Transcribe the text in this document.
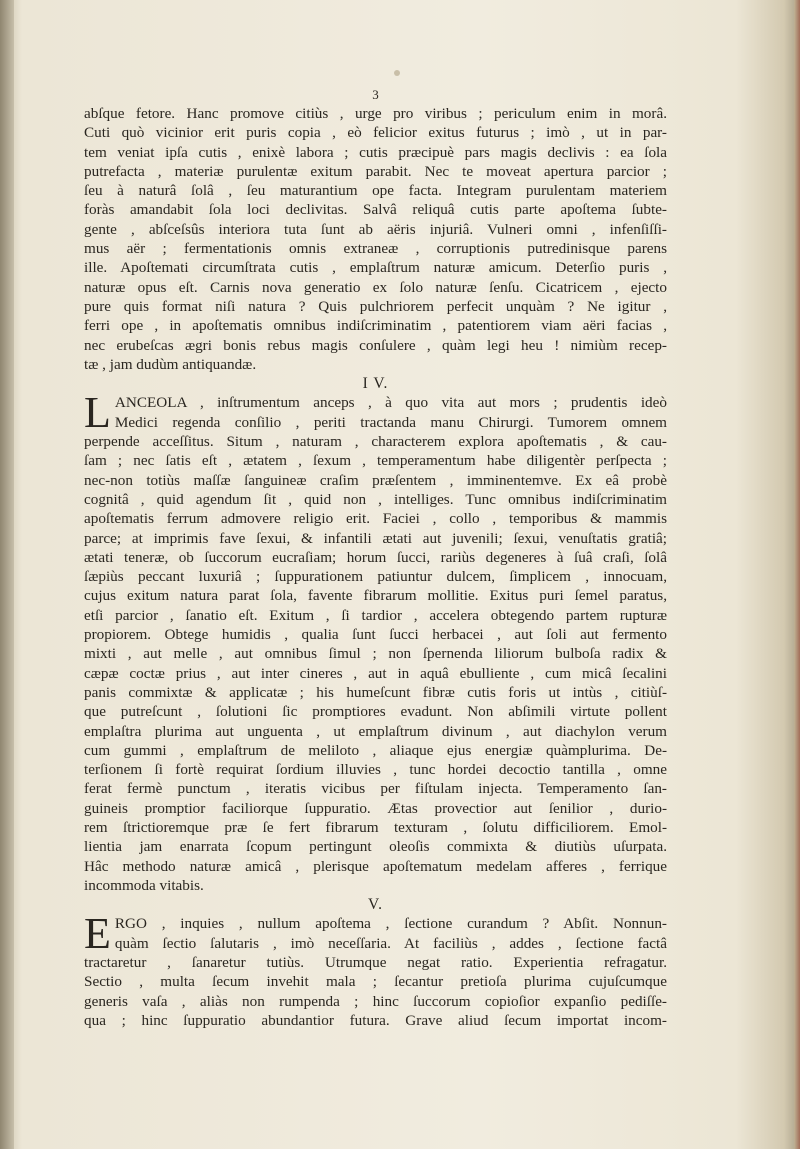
3
abſque fetore. Hanc promove citiùs , urge pro viribus ; periculum enim in morâ.
Cuti quò vicinior erit puris copia , eò felicior exitus futurus ; imò , ut in par-
tem veniat ipſa cutis , enixè labora ; cutis præcipuè pars magis declivis : ea ſola
putrefacta , materiæ purulentæ exitum parabit. Nec te moveat apertura parcior ;
ſeu à naturâ ſolâ , ſeu maturantium ope facta. Integram purulentam materiem
foràs amandabit ſola loci declivitas. Salvâ reliquâ cutis parte apoſtema ſubte-
gente , abſceſsûs interiora tuta ſunt ab aëris injuriâ. Vulneri omni , infenſiſſi-
mus aër ; fermentationis omnis extraneæ , corruptionis putredinisque parens
ille. Apoſtemati circumſtrata cutis , emplaſtrum naturæ amicum. Deterſio puris ,
naturæ opus eſt. Carnis nova generatio ex ſolo naturæ ſenſu. Cicatricem , ejecto
pure quis format niſi natura ? Quis pulchriorem perfecit unquàm ? Ne igitur ,
ferri ope , in apoſtematis omnibus indiſcriminatim , patentiorem viam aëri facias ,
nec erubeſcas ægri bonis rebus magis conſulere , quàm legi heu ! nimiùm recep-
tæ , jam dudùm antiquandæ.
I V.
L ANCEOLA , inſtrumentum anceps , à quo vita aut mors ; prudentis ideò
Medici regenda conſilio , periti tractanda manu Chirurgi. Tumorem omnem
perpende acceſſitus. Situm , naturam , characterem explora apoſtematis , & cau-
ſam ; nec ſatis eſt , ætatem , ſexum , temperamentum habe diligentèr perſpecta ;
nec-non totiùs maſſæ ſanguineæ craſim præſentem , imminentemve. Ex eâ probè
cognitâ , quid agendum ſit , quid non , intelliges. Tunc omnibus indiſcriminatim
apoſtematis ferrum admovere religio erit. Faciei , collo , temporibus & mammis
parce; at imprimis fave ſexui, & infantili ætati aut juvenili; ſexui, venuſtatis gratiâ;
ætati teneræ, ob ſuccorum eucraſiam; horum ſucci, rariùs degeneres à ſuâ craſi, ſolâ
ſæpiùs peccant luxuriâ ; ſuppurationem patiuntur dulcem, ſimplicem , innocuam,
cujus exitum natura parat ſola, favente fibrarum mollitie. Exitus puri ſemel paratus,
etſi parcior , ſanatio eſt. Exitum , ſi tardior , accelera obtegendo partem rupturæ
propiorem. Obtege humidis , qualia ſunt ſucci herbacei , aut ſoli aut fermento
mixti , aut melle , aut omnibus ſimul ; non ſpernenda liliorum bulboſa radix &
cæpæ coctæ prius , aut inter cineres , aut in aquâ ebulliente , cum micâ ſecalini
panis commixtæ & applicatæ ; his humeſcunt fibræ cutis foris ut intùs , citiùſ-
que putreſcunt , ſolutioni ſic promptiores evadunt. Non abſimili virtute pollent
emplaſtra plurima aut unguenta , ut emplaſtrum divinum , aut diachylon verum
cum gummi , emplaſtrum de meliloto , aliaque ejus energiæ quàmplurima. De-
terſionem ſi fortè requirat ſordium illuvies , tunc hordei decoctio tantilla , omne
ferat fermè punctum , iteratis vicibus per fiſtulam injecta. Temperamento ſan-
guineis promptior faciliorque ſuppuratio. Ætas provectior aut ſenilior , durio-
rem ſtrictioremque præ ſe fert fibrarum texturam , ſolutu difficiliorem. Emol-
lientia jam enarrata ſcopum pertingunt oleoſis commixta & diutiùs uſurpata.
Hâc methodo naturæ amicâ , plerisque apoſtematum medelam afferes , ferrique
incommoda vitabis.
V.
E RGO , inquies , nullum apoſtema , ſectione curandum ? Abſit. Nonnun-
quàm ſectio ſalutaris , imò neceſſaria. At faciliùs , addes , ſectione factâ
tractaretur , ſanaretur tutiùs. Utrumque negat ratio. Experientia refragatur.
Sectio , multa ſecum invehit mala ; ſecantur pretioſa plurima cujuſcumque
generis vaſa , aliàs non rumpenda ; hinc ſuccorum copioſior expanſio pediſſe-
qua ; hinc ſuppuratio abundantior futura. Grave aliud ſecum importat incom-
